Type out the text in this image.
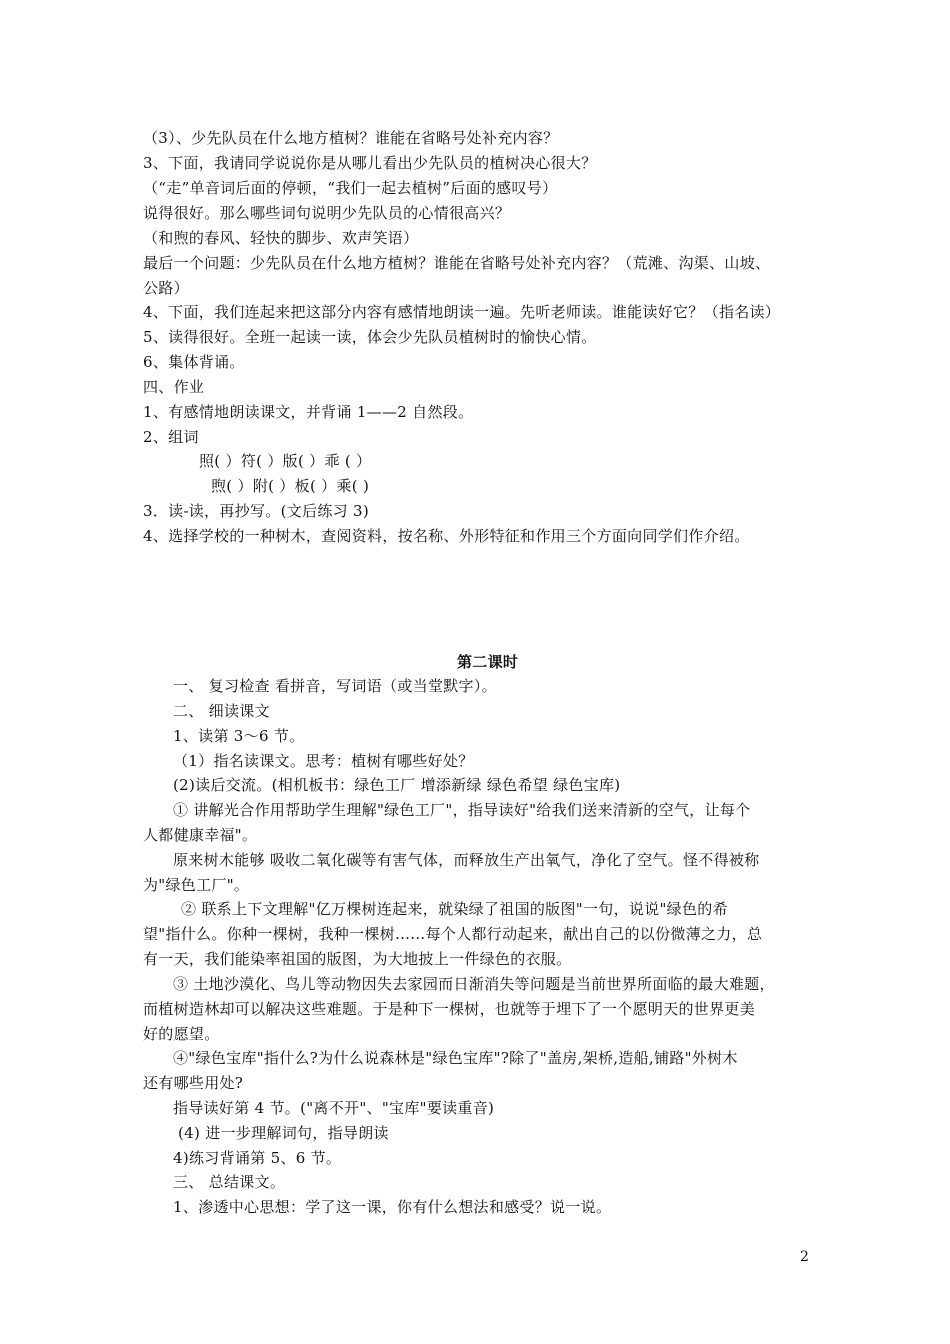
（3）、少先队员在什么地方植树？谁能在省略号处补充内容？
3、下面，我请同学说说你是从哪儿看出少先队员的植树决心很大？
（“走”单音词后面的停顿，“我们一起去植树”后面的感叹号）
说得很好。那么哪些词句说明少先队员的心情很高兴？
（和煦的春风、轻快的脚步、欢声笑语）
最后一个问题：少先队员在什么地方植树？谁能在省略号处补充内容？（荒滩、沟渠、山坡、
公路）
4、下面，我们连起来把这部分内容有感情地朗读一遍。先听老师读。谁能读好它？（指名读）
5、读得很好。全班一起读一读，体会少先队员植树时的愉快心情。
6、集体背诵。
四、作业
1、有感情地朗读课文，并背诵 1——2 自然段。
2、组词
照( ）符( ）版( ）乖 ( ）
煦( ）附( ）板( ）乘( )
3．读-读，再抄写。(文后练习 3)
4、选择学校的一种树木，查阅资料，按名称、外形特征和作用三个方面向同学们作介绍。
第二课时
一、 复习检查 看拼音，写词语（或当堂默字）。
二、 细读课文
1、读第 3～6 节。
（1）指名读课文。思考：植树有哪些好处？
(2)读后交流。(相机板书：绿色工厂 增添新绿 绿色希望 绿色宝库)
① 讲解光合作用帮助学生理解"绿色工厂"，指导读好"给我们送来清新的空气，让每个
人都健康幸福"。
原来树木能够 吸收二氧化碳等有害气体，而释放生产出氧气，净化了空气。怪不得被称
为"绿色工厂"。
② 联系上下文理解"亿万棵树连起来，就染绿了祖国的版图"一句，说说"绿色的希
望"指什么。你种一棵树，我种一棵树……每个人都行动起来，献出自己的以份微薄之力，总
有一天，我们能染率祖国的版图，为大地披上一件绿色的衣服。
③ 土地沙漠化、鸟儿等动物因失去家园而日渐消失等问题是当前世界所面临的最大难题，
而植树造林却可以解决这些难题。于是种下一棵树，也就等于埋下了一个愿明天的世界更美
好的愿望。
④"绿色宝库"指什么?为什么说森林是"绿色宝库"?除了"盖房,架桥,造船,铺路"外树木
还有哪些用处?
指导读好第 4 节。("离不开"、"宝库"要读重音)
(4) 进一步理解词句，指导朗读
4)练习背诵第 5、6 节。
三、 总结课文。
1、渗透中心思想：学了这一课，你有什么想法和感受？说一说。
2
